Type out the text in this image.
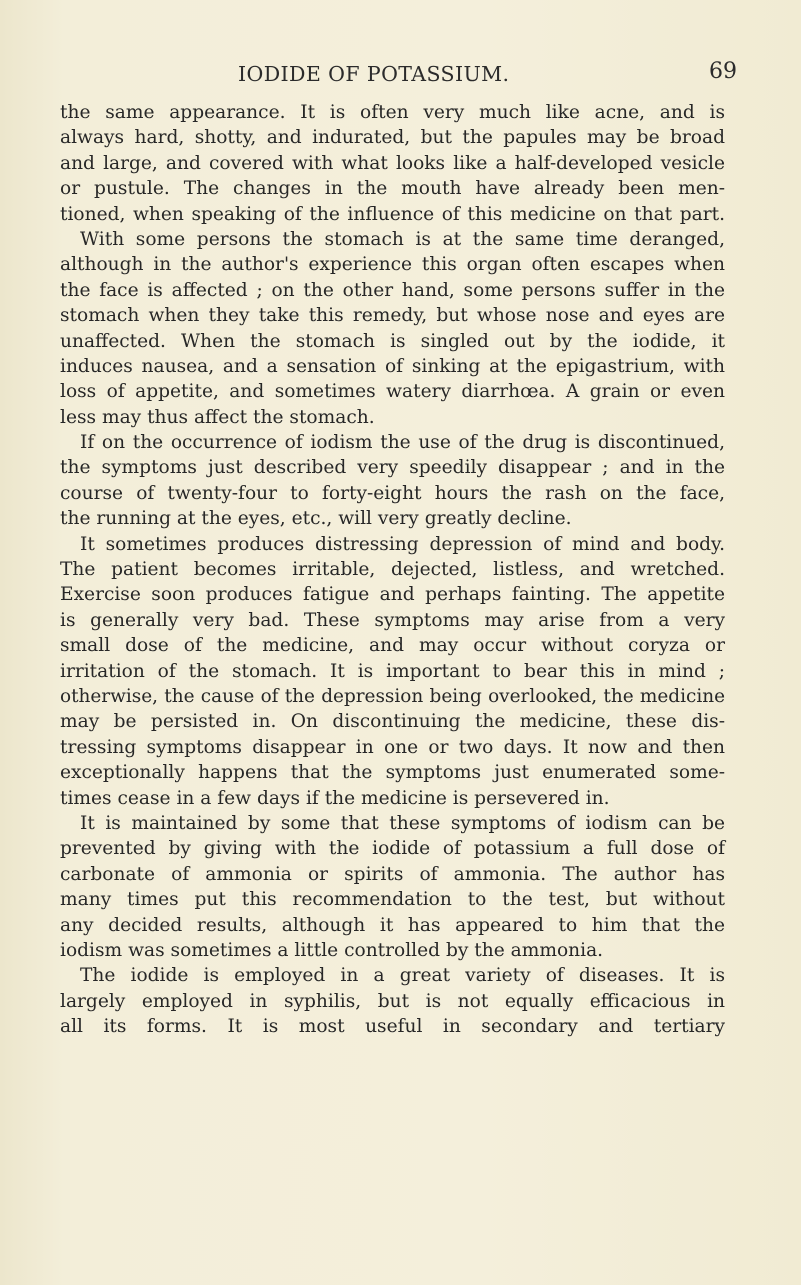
IODIDE OF POTASSIUM.	69
the same appearance. It is often very much like acne, and is
always hard, shotty, and indurated, but the papules may be broad
and large, and covered with what looks like a half-developed vesicle
or pustule. The changes in the mouth have already been men-
tioned, when speaking of the influence of this medicine on that part.
With some persons the stomach is at the same time deranged,
although in the author's experience this organ often escapes when
the face is affected ; on the other hand, some persons suffer in the
stomach when they take this remedy, but whose nose and eyes are
unaffected. When the stomach is singled out by the iodide, it
induces nausea, and a sensation of sinking at the epigastrium, with
loss of appetite, and sometimes watery diarrhœa. A grain or even
less may thus affect the stomach.
If on the occurrence of iodism the use of the drug is discontinued,
the symptoms just described very speedily disappear ; and in the
course of twenty-four to forty-eight hours the rash on the face,
the running at the eyes, etc., will very greatly decline.
It sometimes produces distressing depression of mind and body.
The patient becomes irritable, dejected, listless, and wretched.
Exercise soon produces fatigue and perhaps fainting. The appetite
is generally very bad. These symptoms may arise from a very
small dose of the medicine, and may occur without coryza or
irritation of the stomach. It is important to bear this in mind ;
otherwise, the cause of the depression being overlooked, the medicine
may be persisted in. On discontinuing the medicine, these dis-
tressing symptoms disappear in one or two days. It now and then
exceptionally happens that the symptoms just enumerated some-
times cease in a few days if the medicine is persevered in.
It is maintained by some that these symptoms of iodism can be
prevented by giving with the iodide of potassium a full dose of
carbonate of ammonia or spirits of ammonia. The author has
many times put this recommendation to the test, but without
any decided results, although it has appeared to him that the
iodism was sometimes a little controlled by the ammonia.
The iodide is employed in a great variety of diseases. It is
largely employed in syphilis, but is not equally efficacious in
all its forms. It is most useful in secondary and tertiary
